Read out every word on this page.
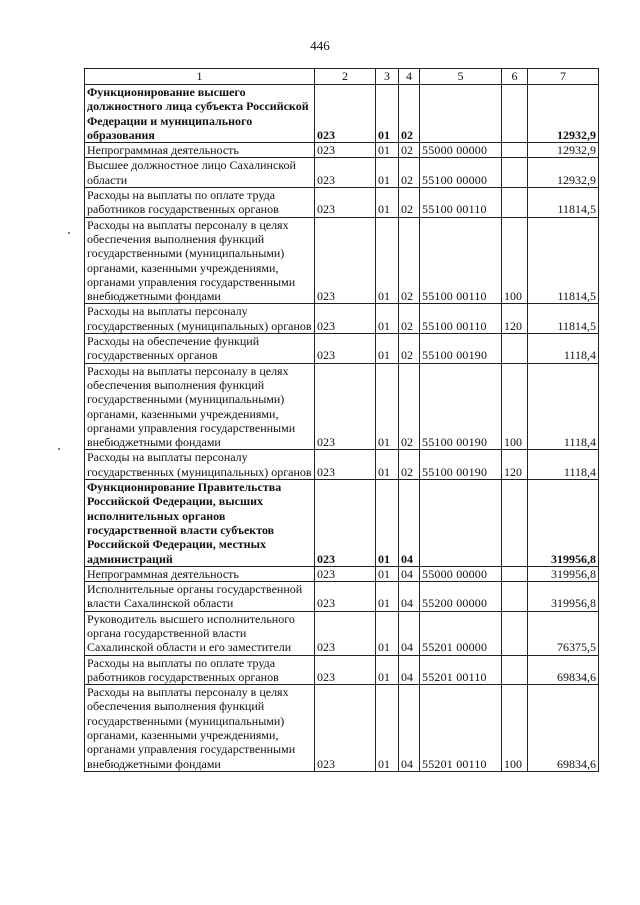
446
1	2	3	4	5	6	7
Функционирование высшего должностного лица субъекта Российской Федерации и муниципального образования	023	01	02			12932,9
Непрограммная деятельность	023	01	02	55000 00000		12932,9
Высшее должностное лицо Сахалинской области	023	01	02	55100 00000		12932,9
Расходы на выплаты по оплате труда работников государственных органов	023	01	02	55100 00110		11814,5
Расходы на выплаты персоналу в целях обеспечения выполнения функций государственными (муниципальными) органами, казенными учреждениями, органами управления государственными внебюджетными фондами	023	01	02	55100 00110	100	11814,5
Расходы на выплаты персоналу государственных (муниципальных) органов	023	01	02	55100 00110	120	11814,5
Расходы на обеспечение функций государственных органов	023	01	02	55100 00190		1118,4
Расходы на выплаты персоналу в целях обеспечения выполнения функций государственными (муниципальными) органами, казенными учреждениями, органами управления государственными внебюджетными фондами	023	01	02	55100 00190	100	1118,4
Расходы на выплаты персоналу государственных (муниципальных) органов	023	01	02	55100 00190	120	1118,4
Функционирование Правительства Российской Федерации, высших исполнительных органов государственной власти субъектов Российской Федерации, местных администраций	023	01	04			319956,8
Непрограммная деятельность	023	01	04	55000 00000		319956,8
Исполнительные органы государственной власти Сахалинской области	023	01	04	55200 00000		319956,8
Руководитель высшего исполнительного органа государственной власти Сахалинской области и его заместители	023	01	04	55201 00000		76375,5
Расходы на выплаты по оплате труда работников государственных органов	023	01	04	55201 00110		69834,6
Расходы на выплаты персоналу в целях обеспечения выполнения функций государственными (муниципальными) органами, казенными учреждениями, органами управления государственными внебюджетными фондами	023	01	04	55201 00110	100	69834,6
